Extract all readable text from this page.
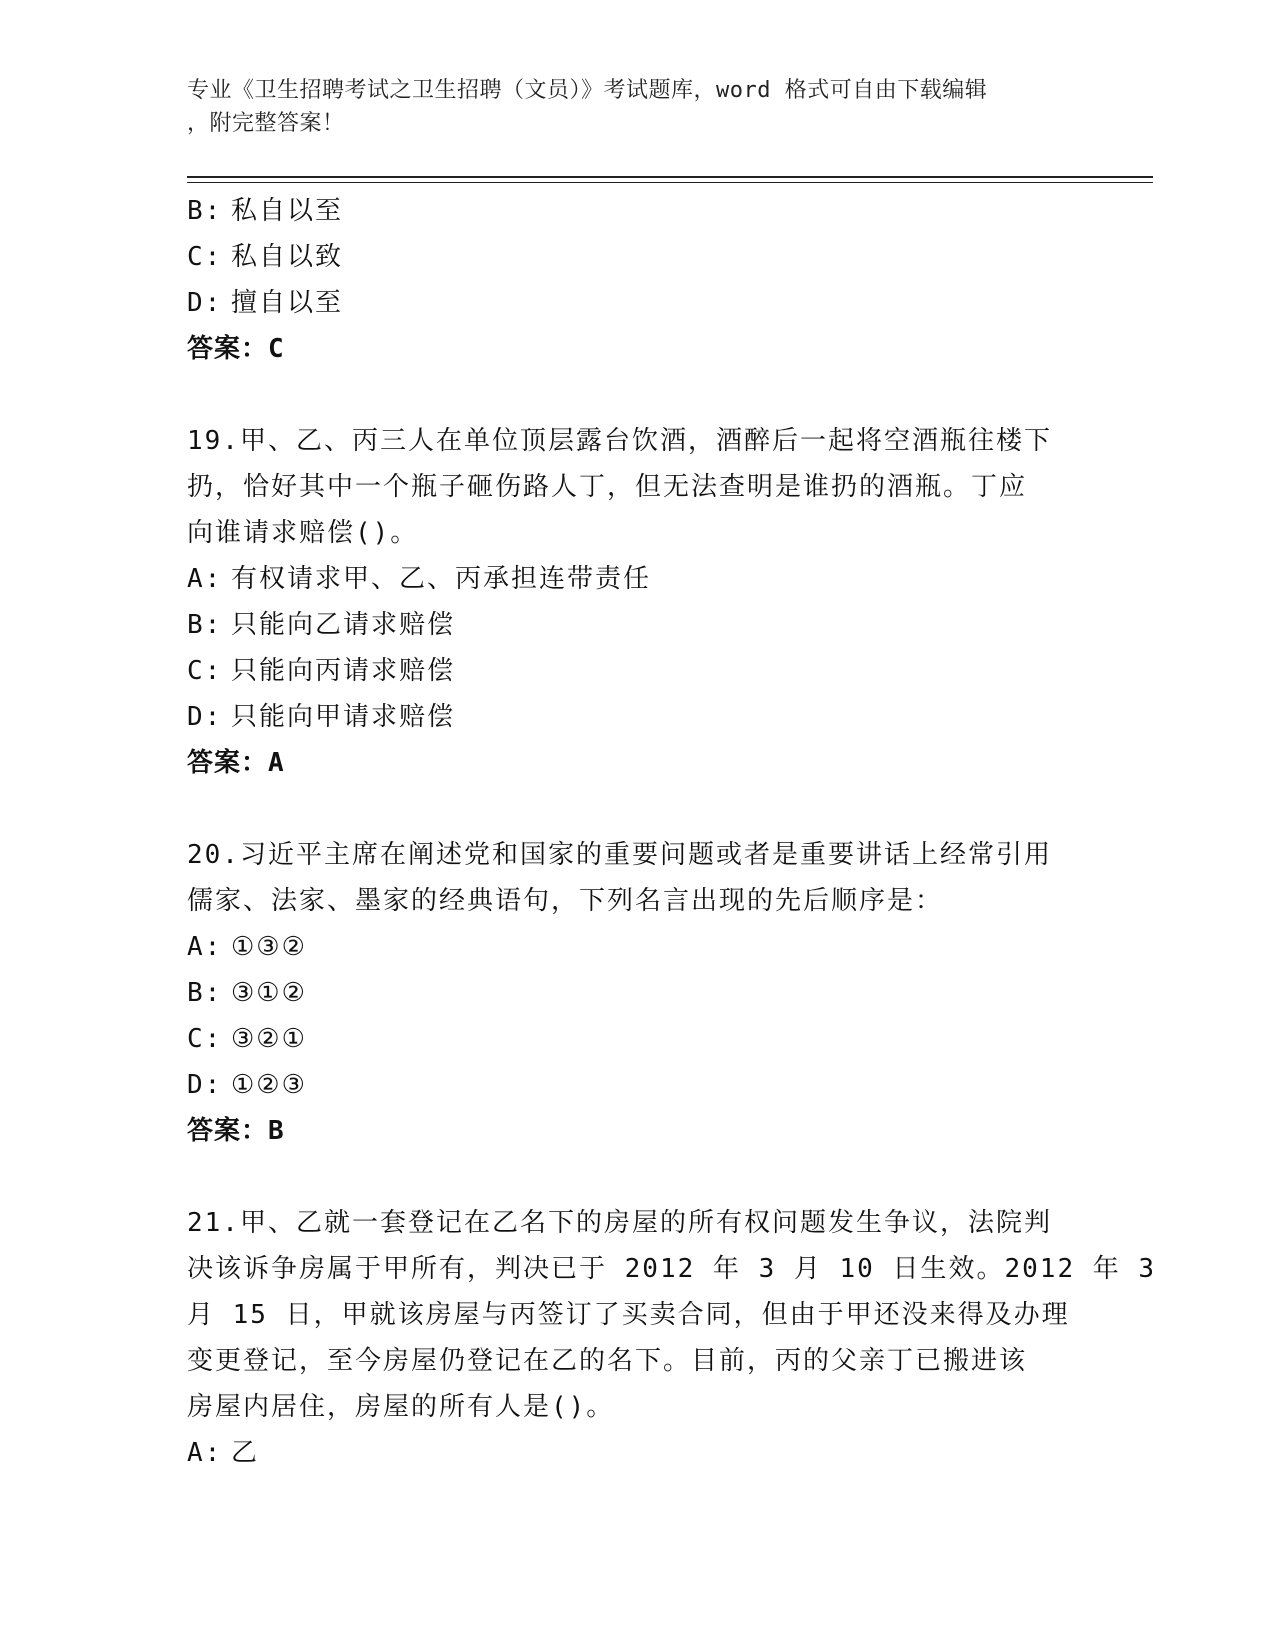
专业《卫生招聘考试之卫生招聘（文员）》考试题库，word 格式可自由下载编辑
，附完整答案！
B: 私自以至
C: 私自以致
D: 擅自以至
答案：C
19.甲、乙、丙三人在单位顶层露台饮酒，酒醉后一起将空酒瓶往楼下
扔，恰好其中一个瓶子砸伤路人丁，但无法查明是谁扔的酒瓶。丁应
向谁请求赔偿()。
A: 有权请求甲、乙、丙承担连带责任
B: 只能向乙请求赔偿
C: 只能向丙请求赔偿
D: 只能向甲请求赔偿
答案：A
20.习近平主席在阐述党和国家的重要问题或者是重要讲话上经常引用
儒家、法家、墨家的经典语句，下列名言出现的先后顺序是：
A: ①③②
B: ③①②
C: ③②①
D: ①②③
答案：B
21.甲、乙就一套登记在乙名下的房屋的所有权问题发生争议，法院判
决该诉争房属于甲所有，判决已于 2012 年 3 月 10 日生效。2012 年 3
月 15 日，甲就该房屋与丙签订了买卖合同，但由于甲还没来得及办理
变更登记，至今房屋仍登记在乙的名下。目前，丙的父亲丁已搬进该
房屋内居住，房屋的所有人是()。
A: 乙
